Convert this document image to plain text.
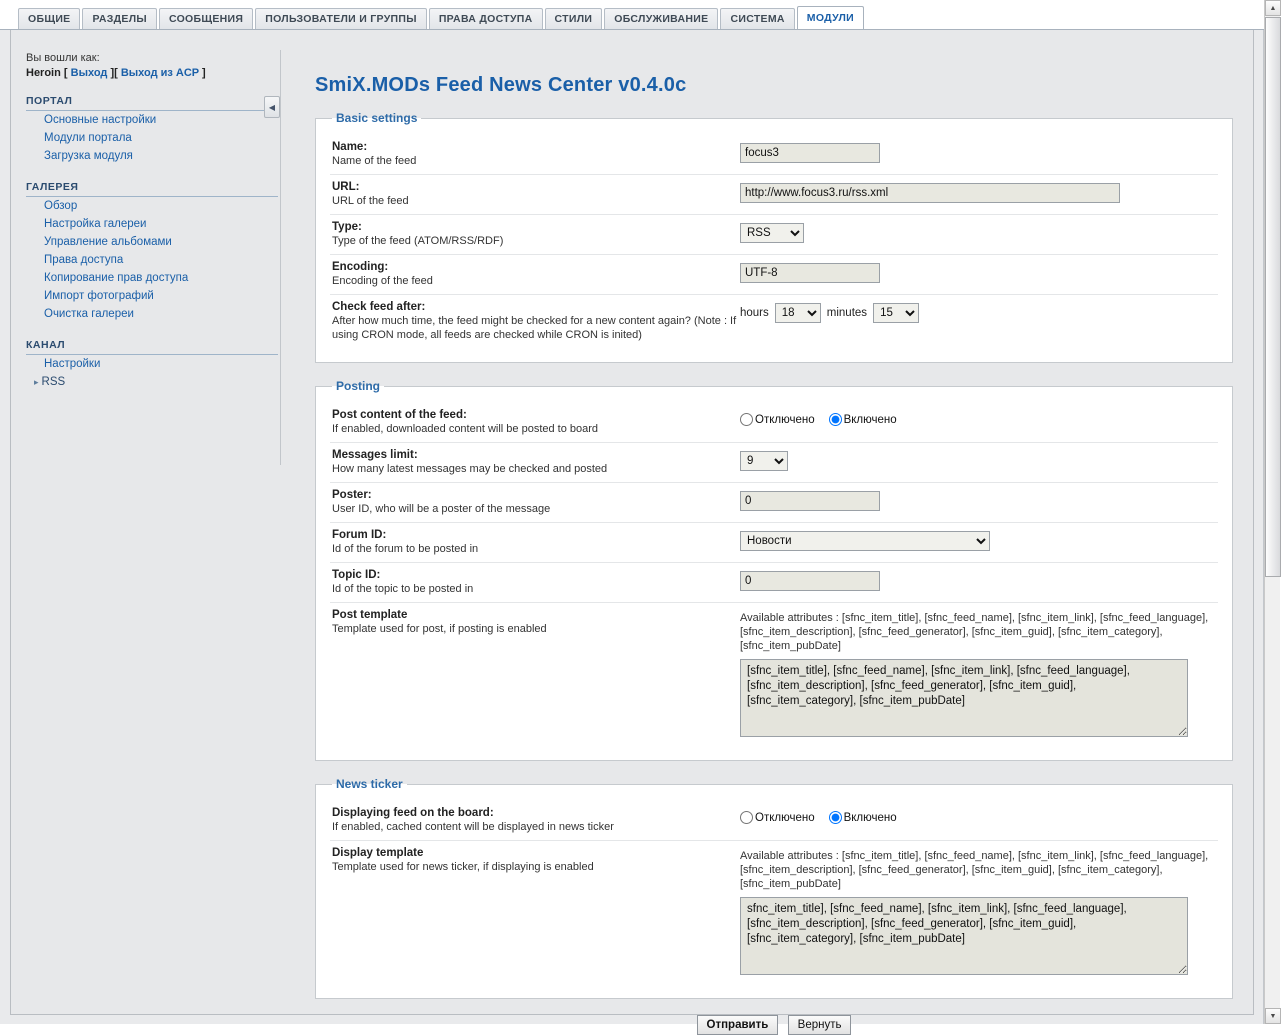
ОБЩИЕ	РАЗДЕЛЫ	СООБЩЕНИЯ	ПОЛЬЗОВАТЕЛИ И ГРУППЫ	ПРАВА ДОСТУПА	СТИЛИ	ОБСЛУЖИВАНИЕ	СИСТЕМА	МОДУЛИ
Вы вошли как:
Heroin [ Выход ][ Выход из ACP ]
ПОРТАЛ
Основные настройки
Модули портала
Загрузка модуля
ГАЛЕРЕЯ
Обзор
Настройка галереи
Управление альбомами
Права доступа
Копирование прав доступа
Импорт фотографий
Очистка галереи
КАНАЛ
Настройки
▸ RSS
◀
SmiX.MODs Feed News Center v0.4.0c
Basic settings
Name:
Name of the feed
focus3
URL:
URL of the feed
http://www.focus3.ru/rss.xml
Type:
Type of the feed (ATOM/RSS/RDF)
RSS
Encoding:
Encoding of the feed
UTF-8
Check feed after:
After how much time, the feed might be checked for a new content again? (Note : If using CRON mode, all feeds are checked while CRON is inited)
hours
18	minutes
15
Posting
Post content of the feed:
If enabled, downloaded content will be posted to board
Отключено	Включено
Messages limit:
How many latest messages may be checked and posted
9
Poster:
User ID, who will be a poster of the message
0
Forum ID:
Id of the forum to be posted in
Новости
Topic ID:
Id of the topic to be posted in
0
Post template
Template used for post, if posting is enabled
Available attributes : [sfnc_item_title], [sfnc_feed_name], [sfnc_item_link], [sfnc_feed_language], [sfnc_item_description], [sfnc_feed_generator], [sfnc_item_guid], [sfnc_item_category], [sfnc_item_pubDate]
[sfnc_item_title], [sfnc_feed_name], [sfnc_item_link], [sfnc_feed_language], [sfnc_item_description], [sfnc_feed_generator], [sfnc_item_guid], [sfnc_item_category], [sfnc_item_pubDate]
News ticker
Displaying feed on the board:
If enabled, cached content will be displayed in news ticker
Отключено	Включено
Display template
Template used for news ticker, if displaying is enabled
Available attributes : [sfnc_item_title], [sfnc_feed_name], [sfnc_item_link], [sfnc_feed_language], [sfnc_item_description], [sfnc_feed_generator], [sfnc_item_guid], [sfnc_item_category], [sfnc_item_pubDate]
sfnc_item_title], [sfnc_feed_name], [sfnc_item_link], [sfnc_feed_language], [sfnc_item_description], [sfnc_feed_generator], [sfnc_item_guid], [sfnc_item_category], [sfnc_item_pubDate]
Отправить	Вернуть
▲
▼
